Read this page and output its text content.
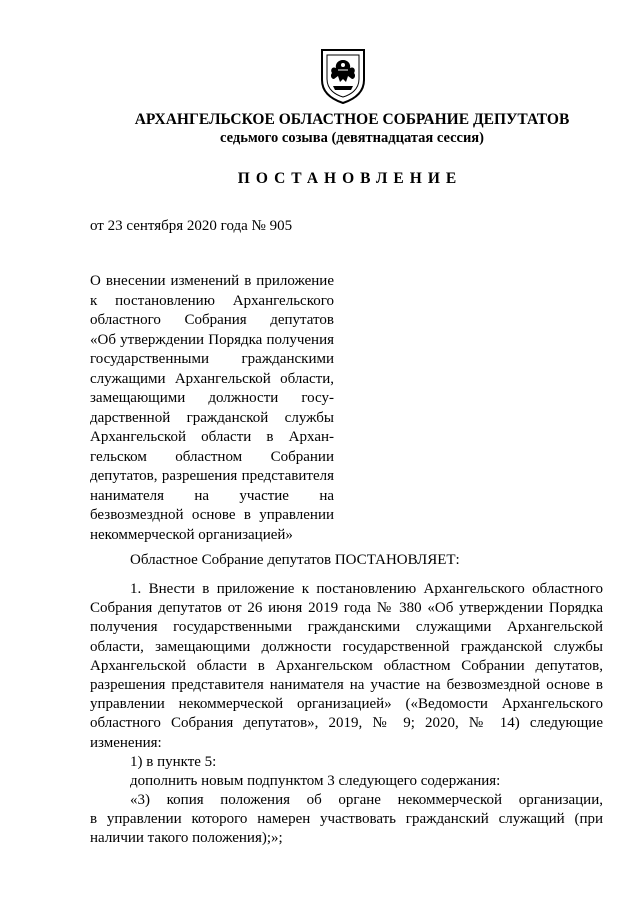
АРХАНГЕЛЬСКОЕ ОБЛАСТНОЕ СОБРАНИЕ ДЕПУТАТОВ
седьмого созыва (девятнадцатая сессия)
ПОСТАНОВЛЕНИЕ
от 23 сентября 2020 года № 905
О внесении изменений в приложение
к постановлению Архангельского
областного Собрания депутатов
«Об утверждении Порядка получения
государственными гражданскими
служащими Архангельской области,
замещающими должности госу-
дарственной гражданской службы
Архангельской области в Архан-
гельском областном Собрании
депутатов, разрешения представителя
нанимателя на участие на
безвозмездной основе в управлении
некоммерческой организацией»
Областное Собрание депутатов ПОСТАНОВЛЯЕТ:
1. Внести в приложение к постановлению Архангельского областного
Собрания депутатов от 26 июня 2019 года № 380 «Об утверждении Порядка
получения государственными гражданскими служащими Архангельской
области, замещающими должности государственной гражданской службы
Архангельской области в Архангельском областном Собрании депутатов,
разрешения представителя нанимателя на участие на безвозмездной основе в
управлении некоммерческой организацией» («Ведомости Архангельского
областного Собрания депутатов», 2019, № 9; 2020, № 14) следующие
изменения:
1) в пункте 5:
дополнить новым подпунктом 3 следующего содержания:
«3) копия положения об органе некоммерческой организации,
в управлении которого намерен участвовать гражданский служащий (при
наличии такого положения);»;
